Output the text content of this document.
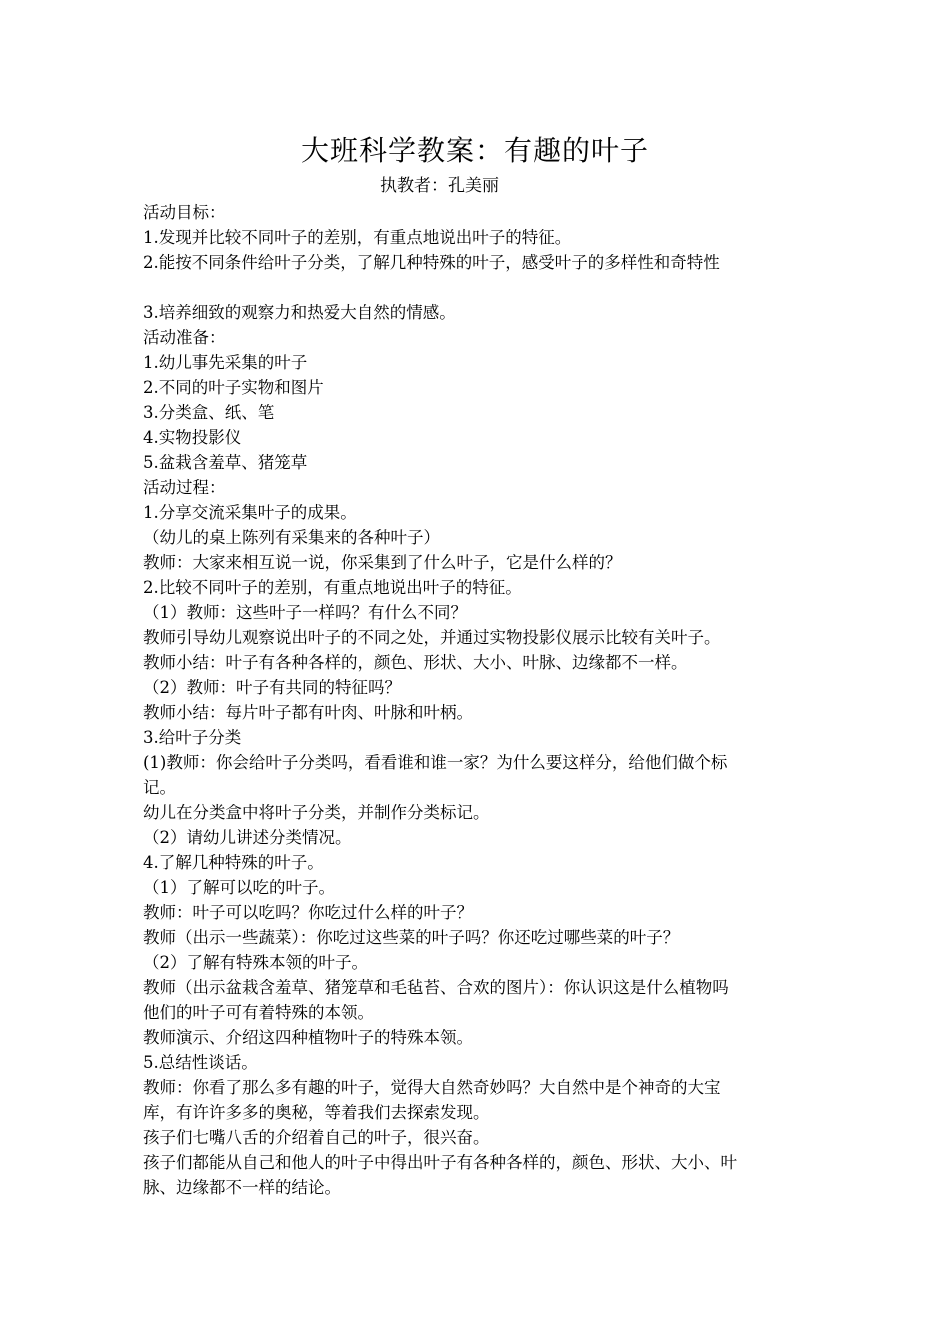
大班科学教案：有趣的叶子
执教者：孔美丽

活动目标：

1.发现并比较不同叶子的差别，有重点地说出叶子的特征。

2.能按不同条件给叶子分类，了解几种特殊的叶子，感受叶子的多样性和奇特性

3.培养细致的观察力和热爱大自然的情感。

活动准备：

1.幼儿事先采集的叶子

2.不同的叶子实物和图片

3.分类盒、纸、笔

4.实物投影仪

5.盆栽含羞草、猪笼草

活动过程：

1.分享交流采集叶子的成果。

（幼儿的桌上陈列有采集来的各种叶子）

教师：大家来相互说一说，你采集到了什么叶子，它是什么样的？

2.比较不同叶子的差别，有重点地说出叶子的特征。

（1）教师：这些叶子一样吗？有什么不同？

教师引导幼儿观察说出叶子的不同之处，并通过实物投影仪展示比较有关叶子。

教师小结：叶子有各种各样的，颜色、形状、大小、叶脉、边缘都不一样。

（2）教师：叶子有共同的特征吗？

教师小结：每片叶子都有叶肉、叶脉和叶柄。

3.给叶子分类

(1)教师：你会给叶子分类吗，看看谁和谁一家？为什么要这样分，给他们做个标

记。

幼儿在分类盒中将叶子分类，并制作分类标记。

（2）请幼儿讲述分类情况。

4.了解几种特殊的叶子。

（1）了解可以吃的叶子。

教师：叶子可以吃吗？你吃过什么样的叶子？

教师（出示一些蔬菜）：你吃过这些菜的叶子吗？你还吃过哪些菜的叶子？

（2）了解有特殊本领的叶子。

教师（出示盆栽含羞草、猪笼草和毛毡苔、合欢的图片）：你认识这是什么植物吗

他们的叶子可有着特殊的本领。

教师演示、介绍这四种植物叶子的特殊本领。

5.总结性谈话。

教师：你看了那么多有趣的叶子，觉得大自然奇妙吗？大自然中是个神奇的大宝

库，有许许多多的奥秘，等着我们去探索发现。

孩子们七嘴八舌的介绍着自己的叶子，很兴奋。

孩子们都能从自己和他人的叶子中得出叶子有各种各样的，颜色、形状、大小、叶

脉、边缘都不一样的结论。
